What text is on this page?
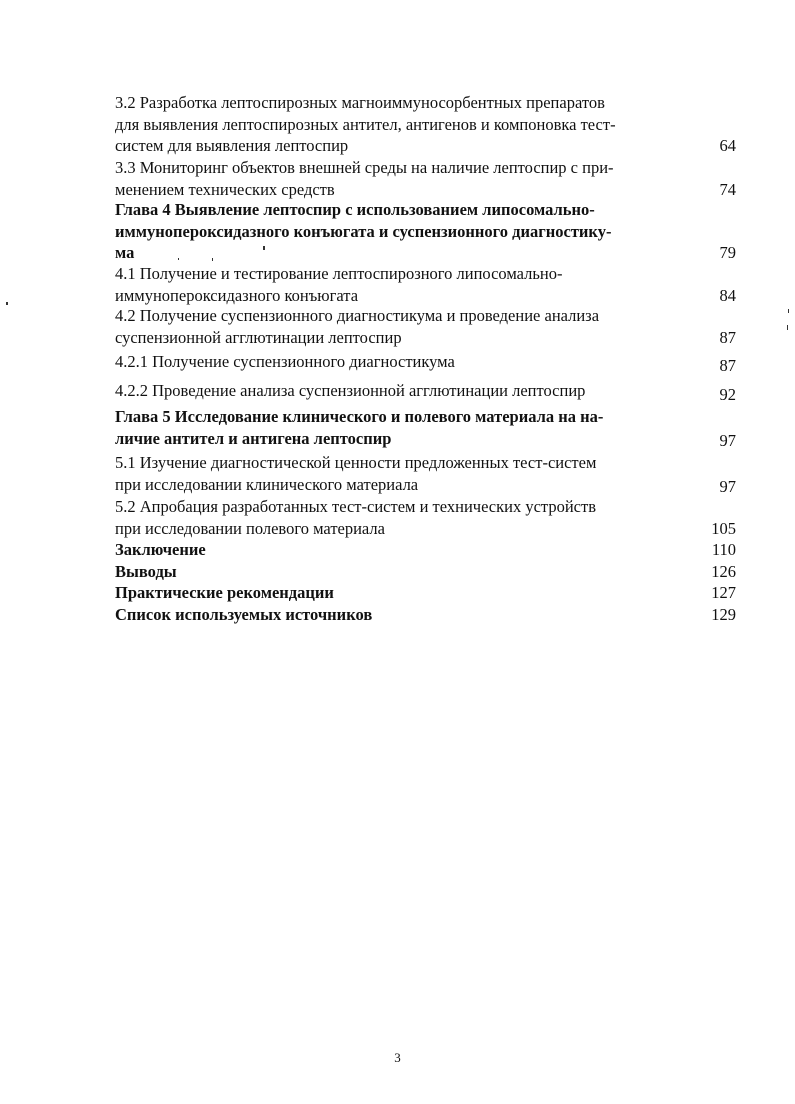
3.2 Разработка лептоспирозных магноиммуносорбентных препаратов
для выявления лептоспирозных антител, антигенов и компоновка тест-
систем для выявления лептоспир	64
3.3 Мониторинг объектов внешней среды на наличие лептоспир с при-
менением технических средств	74
Глава 4 Выявление лептоспир с использованием липосомально-
иммунопероксидазного конъюгата и суспензионного диагностику-
ма	79
4.1 Получение и тестирование лептоспирозного липосомально-
иммунопероксидазного конъюгата	84
4.2 Получение суспензионного диагностикума и проведение анализа
суспензионной агглютинации лептоспир	87
4.2.1 Получение суспензионного диагностикума	87
4.2.2 Проведение анализа суспензионной агглютинации лептоспир	92
Глава 5 Исследование клинического и полевого материала на на-
личие антител и антигена лептоспир	97
5.1 Изучение диагностической ценности предложенных тест-систем
при исследовании клинического материала	97
5.2 Апробация разработанных тест-систем и технических устройств
при исследовании полевого материала	105
Заключение	110
Выводы	126
Практические рекомендации	127
Список используемых источников	129
3
